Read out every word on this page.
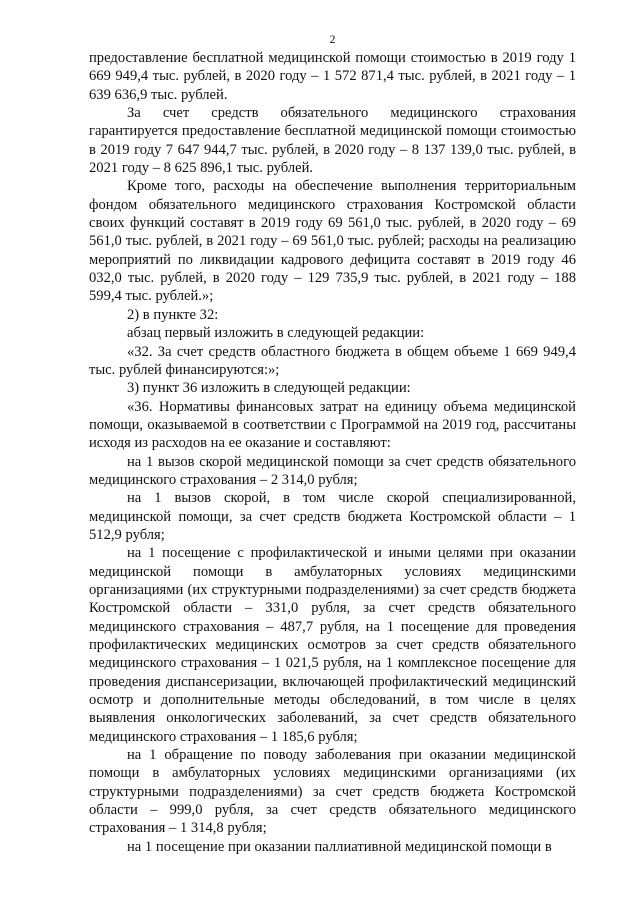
2

предоставление бесплатной медицинской помощи стоимостью в 2019 году 1 669 949,4 тыс. рублей, в 2020 году – 1 572 871,4 тыс. рублей, в 2021 году – 1 639 636,9 тыс. рублей.

За счет средств обязательного медицинского страхования гарантируется предоставление бесплатной медицинской помощи стоимостью в 2019 году 7 647 944,7 тыс. рублей, в 2020 году – 8 137 139,0 тыс. рублей, в 2021 году – 8 625 896,1 тыс. рублей.

Кроме того, расходы на обеспечение выполнения территориальным фондом обязательного медицинского страхования Костромской области своих функций составят в 2019 году 69 561,0 тыс. рублей, в 2020 году – 69 561,0 тыс. рублей, в 2021 году – 69 561,0 тыс. рублей; расходы на реализацию мероприятий по ликвидации кадрового дефицита составят в 2019 году 46 032,0 тыс. рублей, в 2020 году – 129 735,9 тыс. рублей, в 2021 году – 188 599,4 тыс. рублей.»;

2) в пункте 32:

абзац первый изложить в следующей редакции:

«32. За счет средств областного бюджета в общем объеме 1 669 949,4 тыс. рублей финансируются:»;

3) пункт 36 изложить в следующей редакции:

«36. Нормативы финансовых затрат на единицу объема медицинской помощи, оказываемой в соответствии с Программой на 2019 год, рассчитаны исходя из расходов на ее оказание и составляют:

на 1 вызов скорой медицинской помощи за счет средств обязательного медицинского страхования – 2 314,0 рубля;

на 1 вызов скорой, в том числе скорой специализированной, медицинской помощи, за счет средств бюджета Костромской области – 1 512,9 рубля;

на 1 посещение с профилактической и иными целями при оказании медицинской помощи в амбулаторных условиях медицинскими организациями (их структурными подразделениями) за счет средств бюджета Костромской области – 331,0 рубля, за счет средств обязательного медицинского страхования – 487,7 рубля, на 1 посещение для проведения профилактических медицинских осмотров за счет средств обязательного медицинского страхования – 1 021,5 рубля, на 1 комплексное посещение для проведения диспансеризации, включающей профилактический медицинский осмотр и дополнительные методы обследований, в том числе в целях выявления онкологических заболеваний, за счет средств обязательного медицинского страхования – 1 185,6 рубля;

на 1 обращение по поводу заболевания при оказании медицинской помощи в амбулаторных условиях медицинскими организациями (их структурными подразделениями) за счет средств бюджета Костромской области – 999,0 рубля, за счет средств обязательного медицинского страхования – 1 314,8 рубля;

на 1 посещение при оказании паллиативной медицинской помощи в
